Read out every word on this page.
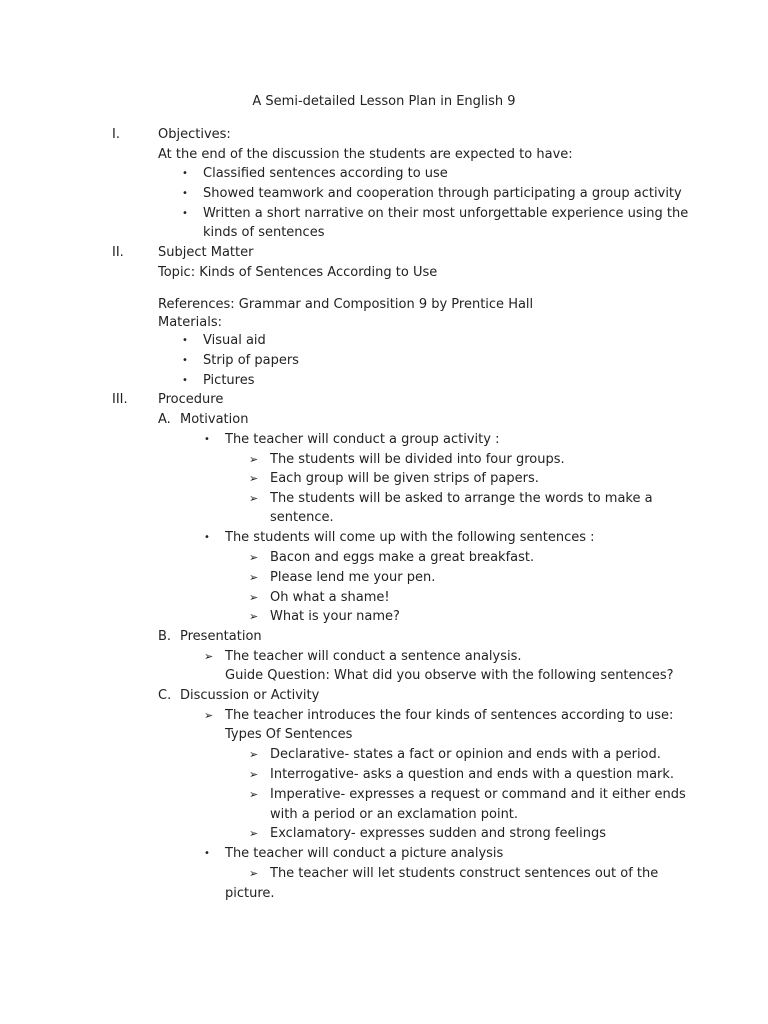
A Semi-detailed Lesson Plan in English 9
I.	Objectives:
At the end of the discussion the students are expected to have:
• Classified sentences according to use
• Showed teamwork and cooperation through participating a group activity
• Written a short narrative on their most unforgettable experience using the
kinds of sentences
II.	Subject Matter
Topic: Kinds of Sentences According to Use
References: Grammar and Composition 9 by Prentice Hall
Materials:
• Visual aid
• Strip of papers
• Pictures
III. Procedure
A. Motivation
• The teacher will conduct a group activity :
➢ The students will be divided into four groups.
➢ Each group will be given strips of papers.
➢ The students will be asked to arrange the words to make a
sentence.
• The students will come up with the following sentences :
➢ Bacon and eggs make a great breakfast.
➢ Please lend me your pen.
➢ Oh what a shame!
➢ What is your name?
B. Presentation
➢ The teacher will conduct a sentence analysis.
Guide Question: What did you observe with the following sentences?
C. Discussion or Activity
➢ The teacher introduces the four kinds of sentences according to use:
Types Of Sentences
➢ Declarative- states a fact or opinion and ends with a period.
➢ Interrogative- asks a question and ends with a question mark.
➢ Imperative- expresses a request or command and it either ends
with a period or an exclamation point.
➢ Exclamatory- expresses sudden and strong feelings
• The teacher will conduct a picture analysis
➢ The teacher will let students construct sentences out of the
picture.
